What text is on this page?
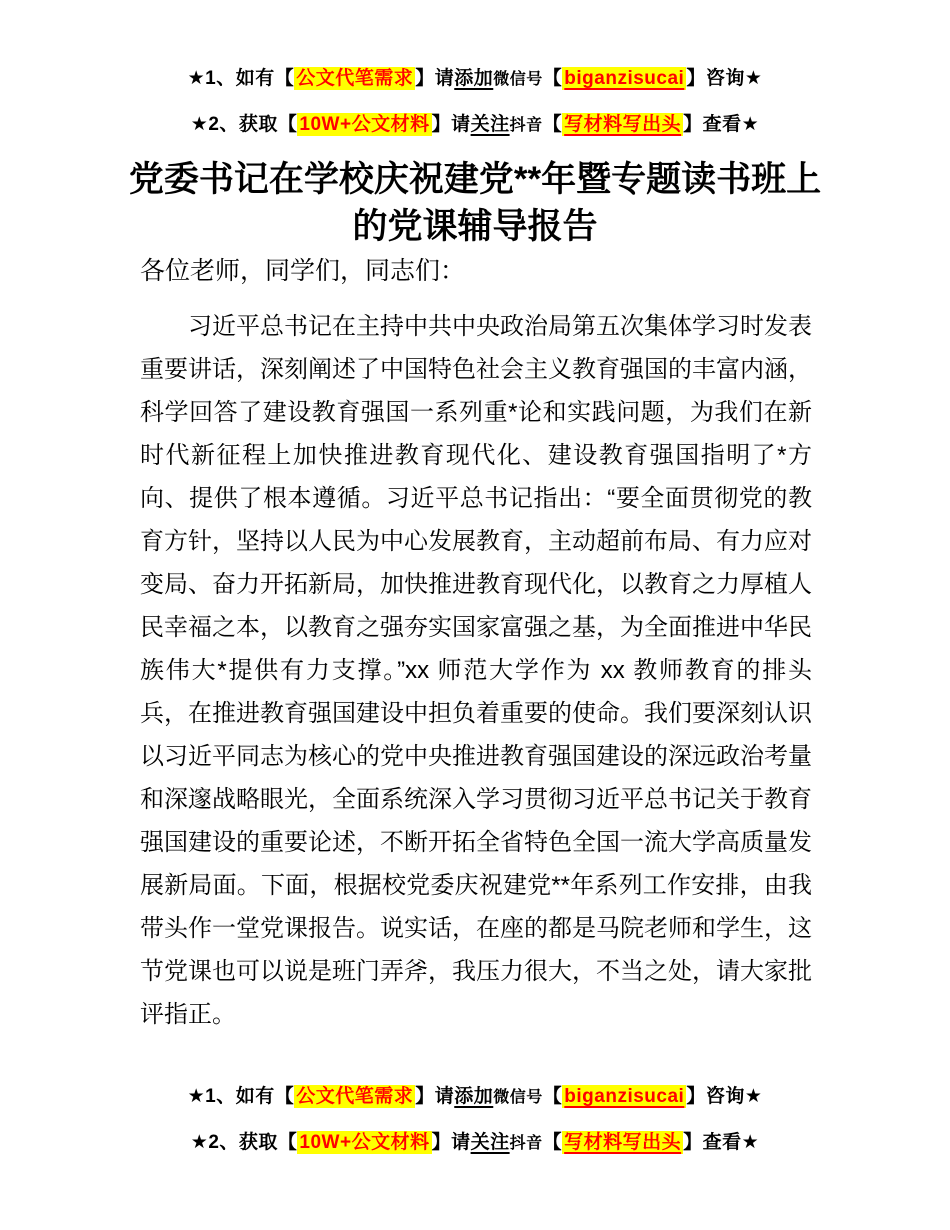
★1、如有【 公文代笔需求 】请添加微信号【 biganzisucai 】咨询★

★2、获取【 10W+公文材料 】请关注抖音【 写材料写出头 】查看★

党委书记在学校庆祝建党**年暨专题读书班上的党课辅导报告

各位老师，同学们，同志们：

习近平总书记在主持中共中央政治局第五次集体学习时发表重要讲话，深刻阐述了中国特色社会主义教育强国的丰富内涵，科学回答了建设教育强国一系列重*论和实践问题，为我们在新时代新征程上加快推进教育现代化、建设教育强国指明了*方向、提供了根本遵循。习近平总书记指出：“要全面贯彻党的教育方针，坚持以人民为中心发展教育，主动超前布局、有力应对变局、奋力开拓新局，加快推进教育现代化，以教育之力厚植人民幸福之本，以教育之强夯实国家富强之基，为全面推进中华民族伟大*提供有力支撑。”xx 师范大学作为 xx 教师教育的排头兵，在推进教育强国建设中担负着重要的使命。我们要深刻认识以习近平同志为核心的党中央推进教育强国建设的深远政治考量和深邃战略眼光，全面系统深入学习贯彻习近平总书记关于教育强国建设的重要论述，不断开拓全省特色全国一流大学高质量发展新局面。下面，根据校党委庆祝建党**年系列工作安排，由我带头作一堂党课报告。说实话，在座的都是马院老师和学生，这节党课也可以说是班门弄斧，我压力很大，不当之处，请大家批评指正。

★1、如有【 公文代笔需求 】请添加微信号【 biganzisucai 】咨询★

★2、获取【 10W+公文材料 】请关注抖音【 写材料写出头 】查看★
